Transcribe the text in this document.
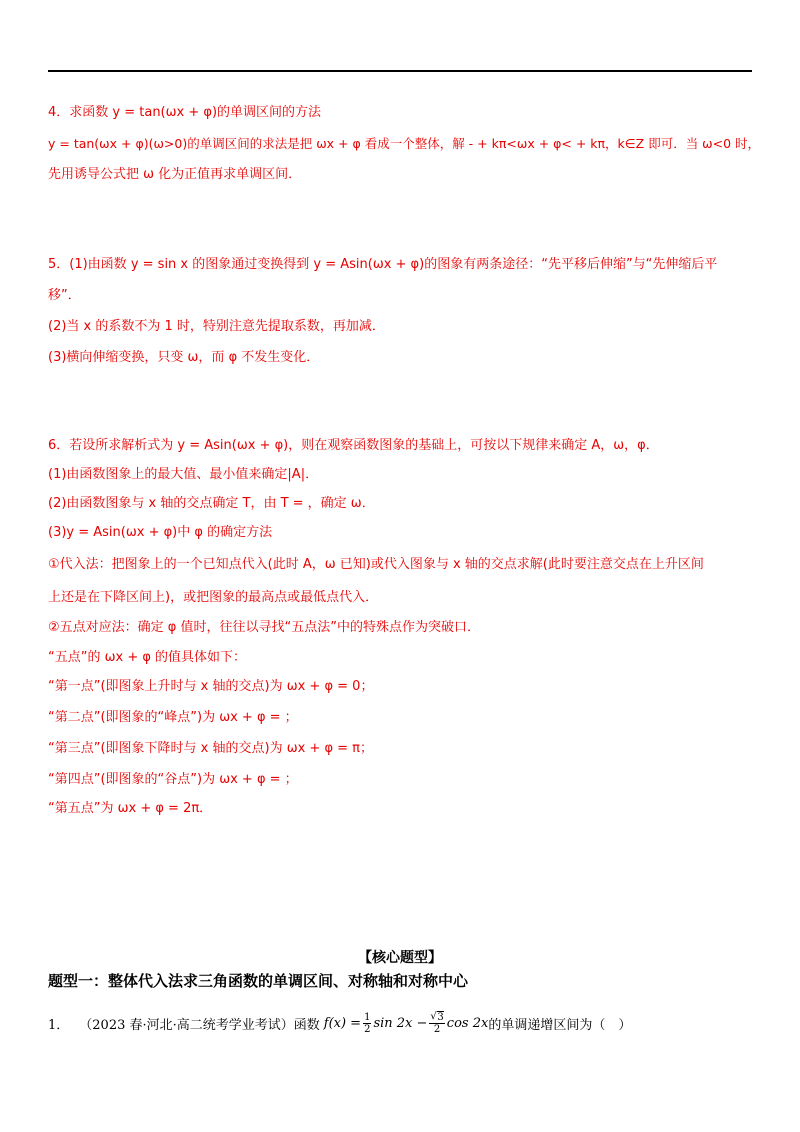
4．求函数 y = tan(ωx + φ)的单调区间的方法
y = tan(ωx + φ)(ω>0)的单调区间的求法是把 ωx + φ 看成一个整体，解 - + kπ<ωx + φ< + kπ，k∈Z 即可．当 ω<0 时，
先用诱导公式把 ω 化为正值再求单调区间．
5．(1)由函数 y = sin x 的图象通过变换得到 y = Asin(ωx + φ)的图象有两条途径：“先平移后伸缩”与“先伸缩后平
移”．
(2)当 x 的系数不为 1 时，特别注意先提取系数，再加减．
(3)横向伸缩变换，只变 ω，而 φ 不发生变化．
6．若设所求解析式为 y = Asin(ωx + φ)，则在观察函数图象的基础上，可按以下规律来确定 A，ω，φ．
(1)由函数图象上的最大值、最小值来确定|A|．
(2)由函数图象与 x 轴的交点确定 T，由 T = ，确定 ω．
(3)y = Asin(ωx + φ)中 φ 的确定方法
①代入法：把图象上的一个已知点代入(此时 A，ω 已知)或代入图象与 x 轴的交点求解(此时要注意交点在上升区间
上还是在下降区间上)，或把图象的最高点或最低点代入．
②五点对应法：确定 φ 值时，往往以寻找“五点法”中的特殊点作为突破口．
“五点”的 ωx + φ 的值具体如下：
“第一点”(即图象上升时与 x 轴的交点)为 ωx + φ = 0；
“第二点”(即图象的“峰点”)为 ωx + φ = ；
“第三点”(即图象下降时与 x 轴的交点)为 ωx + φ = π；
“第四点”(即图象的“谷点”)为 ωx + φ = ；
“第五点”为 ωx + φ = 2π．
【核心题型】
题型一：整体代入法求三角函数的单调区间、对称轴和对称中心
1． （2023 春·河北·高二统考学业考试）函数 $f(x) = \frac{1}{2}$ sin 2x −
√ $\frac{3}{2}$ cos 2x 的单调递增区间为（　）
